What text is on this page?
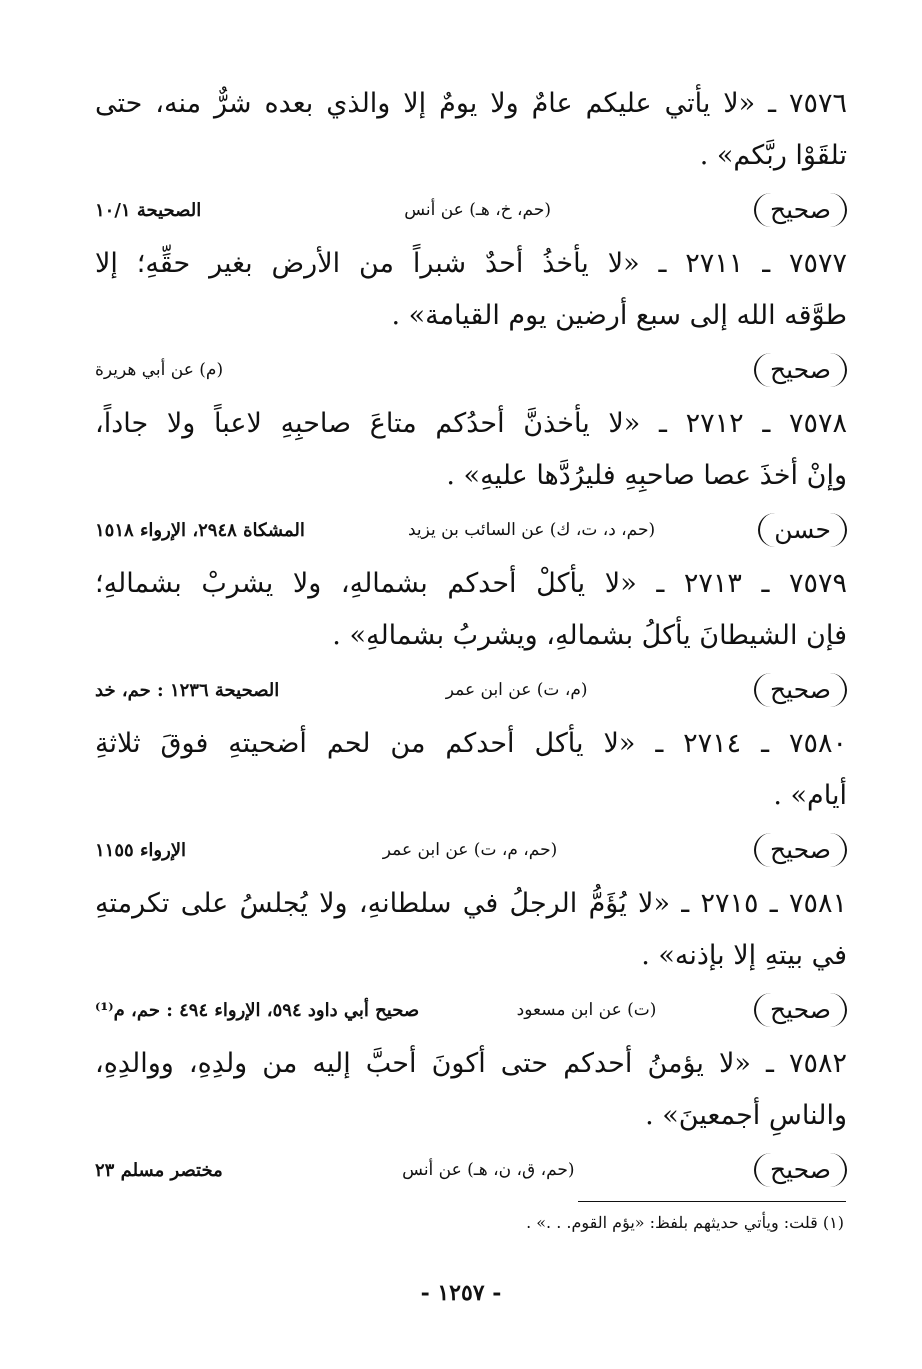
٧٥٧٦ ـ «لا يأتي عليكم عامٌ ولا يومٌ إلا والذي بعده شرٌّ منه، حتى
تلقَوْا ربَّكم» .
صحيح
(حم، خ، هـ) عن أنس
الصحيحة ١٠/١
٧٥٧٧ ـ ٢٧١١ ـ «لا يأخذُ أحدٌ شبراً من الأرض بغير حقِّهِ؛ إلا
طوَّقه الله إلى سبع أرضين يوم القيامة» .
صحيح
(م) عن أبي هريرة
٧٥٧٨ ـ ٢٧١٢ ـ «لا يأخذنَّ أحدُكم متاعَ صاحبِهِ لاعباً ولا جاداً،
وإنْ أخذَ عصا صاحبِهِ فليرُدَّها عليهِ» .
حسن
(حم، د، ت، ك) عن السائب بن يزيد
المشكاة ٢٩٤٨، الإرواء ١٥١٨
٧٥٧٩ ـ ٢٧١٣ ـ «لا يأكلْ أحدكم بشمالهِ، ولا يشربْ بشمالهِ؛
فإن الشيطانَ يأكلُ بشمالهِ، ويشربُ بشمالهِ» .
صحيح
(م، ت) عن ابن عمر
الصحيحة ١٢٣٦ : حم، خد
٧٥٨٠ ـ ٢٧١٤ ـ «لا يأكل أحدكم من لحم أضحيتهِ فوقَ ثلاثةِ
أيام» .
صحيح
(حم، م، ت) عن ابن عمر
الإرواء ١١٥٥
٧٥٨١ ـ ٢٧١٥ ـ «لا يُؤَمُّ الرجلُ في سلطانهِ، ولا يُجلسُ على تكرمتهِ
في بيتهِ إلا بإذنه» .
صحيح
(ت) عن ابن مسعود
صحيح أبي داود ٥٩٤، الإرواء ٤٩٤ : حم، م⁽¹⁾
٧٥٨٢ ـ «لا يؤمنُ أحدكم حتى أكونَ أحبَّ إليه من ولدِهِ، ووالدِهِ،
والناسِ أجمعينَ» .
صحيح
(حم، ق، ن، هـ) عن أنس
مختصر مسلم ٢٣
(١) قلت: ويأتي حديثهم بلفظ: «يؤم القوم. . .» .
- ١٢٥٧ -
